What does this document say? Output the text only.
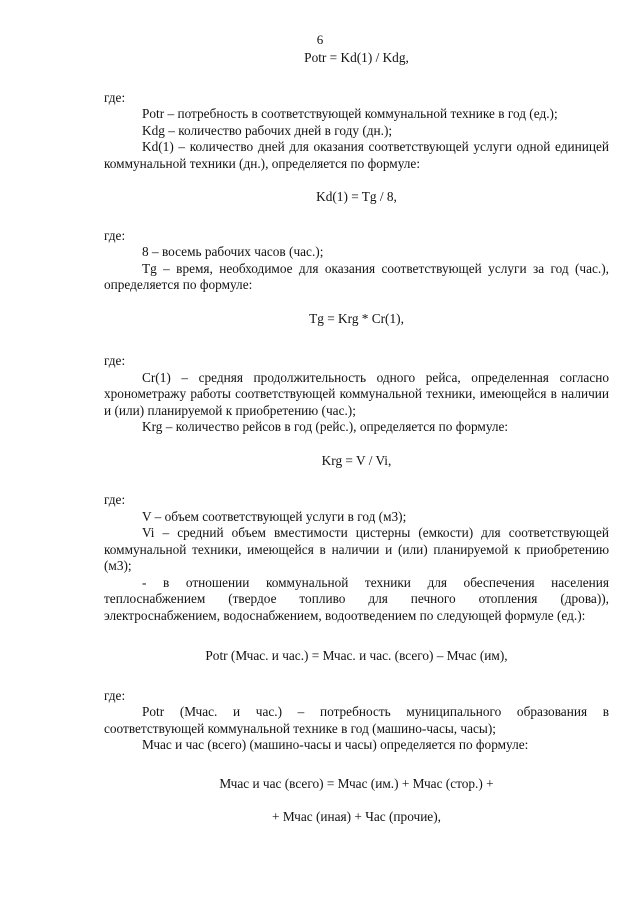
6

Potr = Kd(1) / Kdg,

где:

Potr – потребность в соответствующей коммунальной технике в год (ед.);

Kdg – количество рабочих дней в году (дн.);

Kd(1) – количество дней для оказания соответствующей услуги одной единицей коммунальной техники (дн.), определяется по формуле:

Kd(1) = Tg / 8,

где:

8 – восемь рабочих часов (час.);

Tg – время, необходимое для оказания соответствующей услуги за год (час.), определяется по формуле:

Tg = Krg * Cr(1),

где:

Cr(1) – средняя продолжительность одного рейса, определенная согласно хронометражу работы соответствующей коммунальной техники, имеющейся в наличии и (или) планируемой к приобретению (час.);

Krg – количество рейсов в год (рейс.), определяется по формуле:

Krg = V / Vi,

где:

V – объем соответствующей услуги в год (м3);

Vi – средний объем вместимости цистерны (емкости) для соответствующей коммунальной техники, имеющейся в наличии и (или) планируемой к приобретению (м3);

- в отношении коммунальной техники для обеспечения населения теплоснабжением (твердое топливо для печного отопления (дрова)), электроснабжением, водоснабжением, водоотведением по следующей формуле (ед.):

Potr (Мчас. и час.) = Мчас. и час. (всего) – Мчас (им),

где:

Potr (Мчас. и час.) – потребность муниципального образования в соответствующей коммунальной технике в год (машино-часы, часы);

Мчас и час (всего) (машино-часы и часы) определяется по формуле:

Мчас и час (всего) = Мчас (им.) + Мчас (стор.) +

+ Мчас (иная) + Час (прочие),
